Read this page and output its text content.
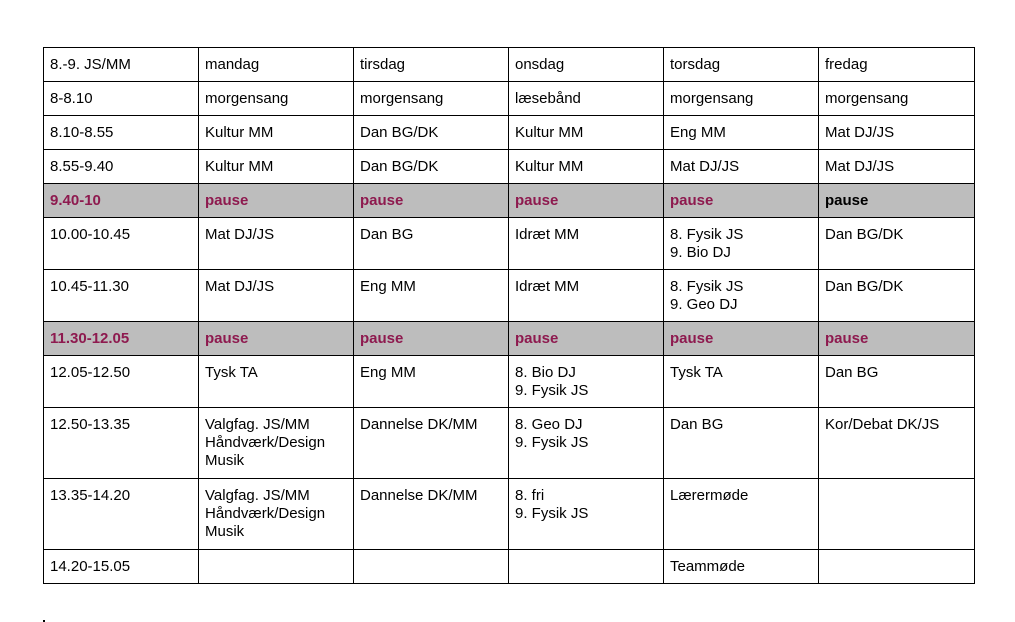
8.-9. JS/MM	mandag	tirsdag	onsdag	torsdag	fredag

8-8.10	morgensang	morgensang	læsebånd	morgensang	morgensang

8.10-8.55	Kultur MM	Dan BG/DK	Kultur MM	Eng MM	Mat DJ/JS

8.55-9.40	Kultur MM	Dan BG/DK	Kultur MM	Mat DJ/JS	Mat DJ/JS

9.40-10	pause	pause	pause	pause	pause

10.00-10.45	Mat DJ/JS	Dan BG	Idræt MM	8. Fysik JS
9. Bio DJ	Dan BG/DK

10.45-11.30	Mat DJ/JS	Eng MM	Idræt MM	8. Fysik JS
9. Geo DJ	Dan BG/DK

11.30-12.05	pause	pause	pause	pause	pause

12.05-12.50	Tysk TA	Eng MM	8. Bio DJ
9. Fysik JS	Tysk TA	Dan BG

12.50-13.35	Valgfag. JS/MM
Håndværk/Design
Musik	Dannelse DK/MM	8. Geo DJ
9. Fysik JS	Dan BG	Kor/Debat DK/JS

13.35-14.20	Valgfag. JS/MM
Håndværk/Design
Musik	Dannelse DK/MM	8. fri
9. Fysik JS	Lærermøde	

14.20-15.05				Teammøde	
